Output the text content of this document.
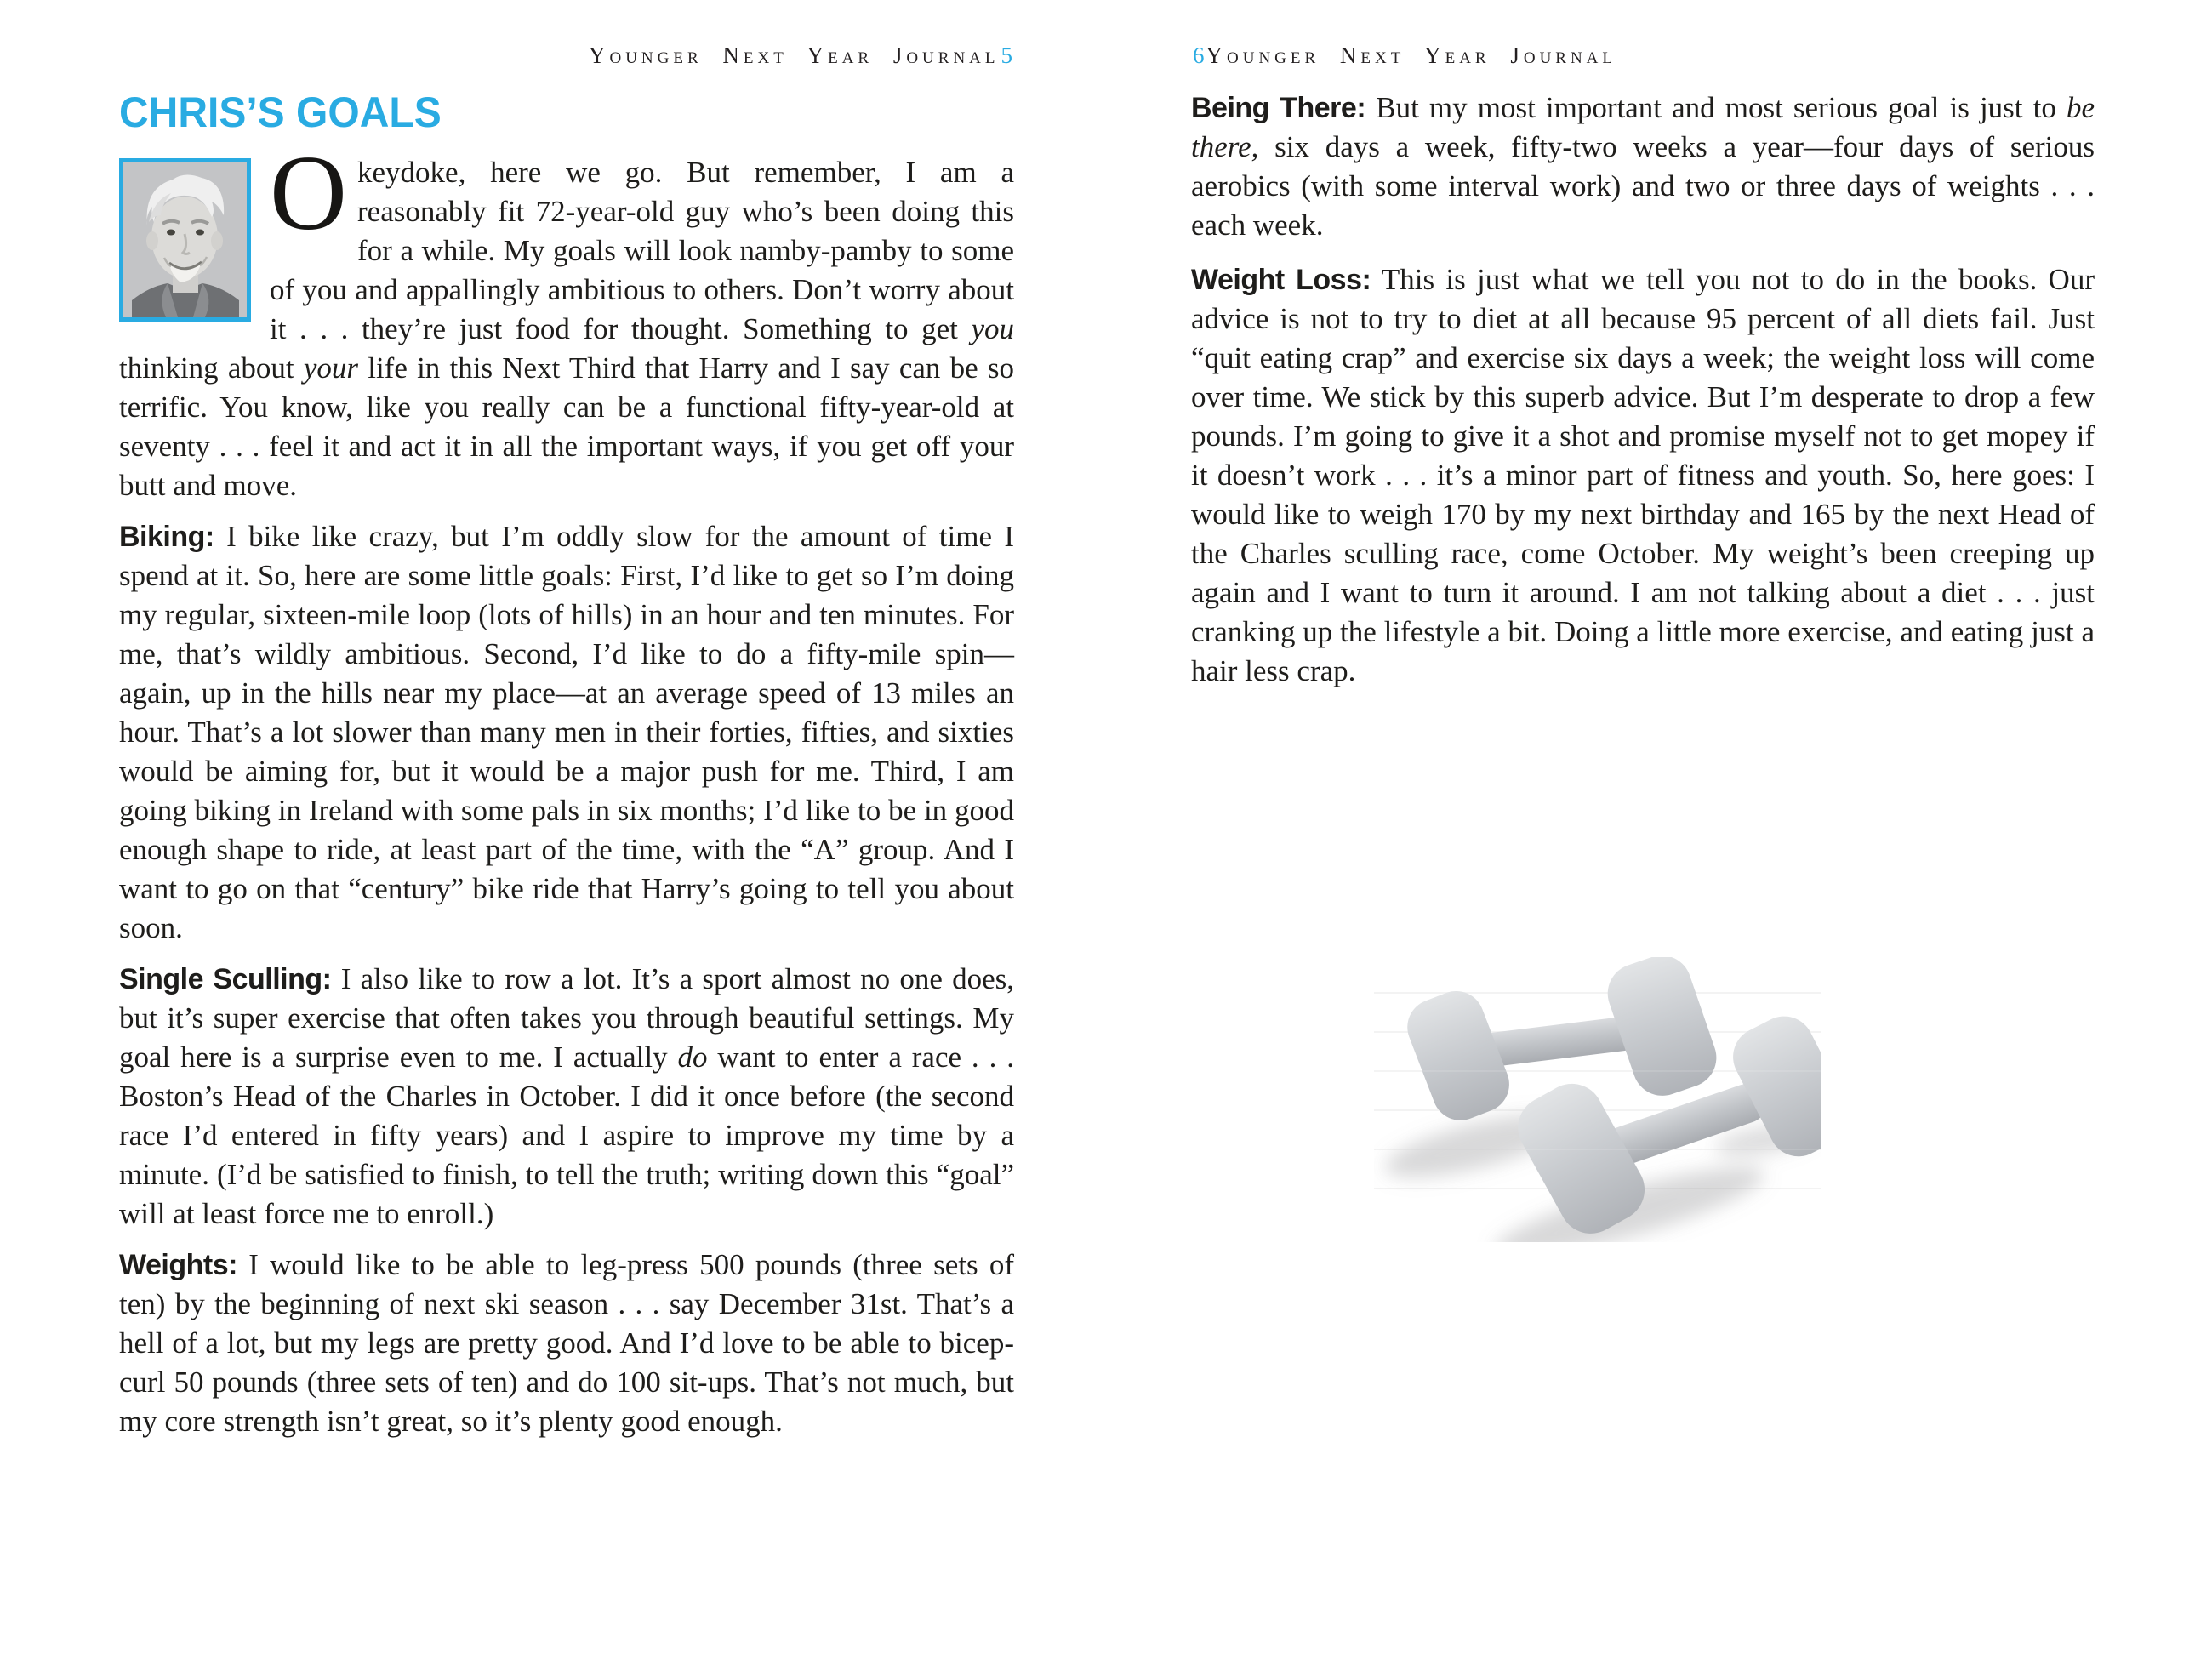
Younger Next Year Journal5
CHRIS’S GOALS
O keydoke, here we go. But remember, I am a reasonably fit 72-year-old guy who’s been doing this for a while. My goals will look namby-pamby to some of you and appallingly ambitious to others. Don’t worry about it . . . they’re just food for thought. Something to get you thinking about your life in this Next Third that Harry and I say can be so terrific. You know, like you really can be a functional fifty-year-old at seventy . . . feel it and act it in all the important ways, if you get off your butt and move.
Biking: I bike like crazy, but I’m oddly slow for the amount of time I spend at it. So, here are some little goals: First, I’d like to get so I’m doing my regular, sixteen-mile loop (lots of hills) in an hour and ten minutes. For me, that’s wildly ambitious. Second, I’d like to do a fifty-mile spin—again, up in the hills near my place—at an average speed of 13 miles an hour. That’s a lot slower than many men in their forties, fifties, and sixties would be aiming for, but it would be a major push for me. Third, I am going biking in Ireland with some pals in six months; I’d like to be in good enough shape to ride, at least part of the time, with the “A” group. And I want to go on that “century” bike ride that Harry’s going to tell you about soon.
Single Sculling: I also like to row a lot. It’s a sport almost no one does, but it’s super exercise that often takes you through beautiful settings. My goal here is a surprise even to me. I actually do want to enter a race . . . Boston’s Head of the Charles in October. I did it once before (the second race I’d entered in fifty years) and I aspire to improve my time by a minute. (I’d be satisfied to finish, to tell the truth; writing down this “goal” will at least force me to enroll.)
Weights: I would like to be able to leg-press 500 pounds (three sets of ten) by the beginning of next ski season . . . say December 31st. That’s a hell of a lot, but my legs are pretty good. And I’d love to be able to bicep-curl 50 pounds (three sets of ten) and do 100 sit-ups. That’s not much, but my core strength isn’t great, so it’s plenty good enough.
6Younger Next Year Journal
Being There: But my most important and most serious goal is just to be there, six days a week, fifty-two weeks a year—four days of serious aerobics (with some interval work) and two or three days of weights . . . each week.
Weight Loss: This is just what we tell you not to do in the books. Our advice is not to try to diet at all because 95 percent of all diets fail. Just “quit eating crap” and exercise six days a week; the weight loss will come over time. We stick by this superb advice. But I’m desperate to drop a few pounds. I’m going to give it a shot and promise myself not to get mopey if it doesn’t work . . . it’s a minor part of fitness and youth. So, here goes: I would like to weigh 170 by my next birthday and 165 by the next Head of the Charles sculling race, come October. My weight’s been creeping up again and I want to turn it around. I am not talking about a diet . . . just cranking up the lifestyle a bit. Doing a little more exercise, and eating just a hair less crap.
